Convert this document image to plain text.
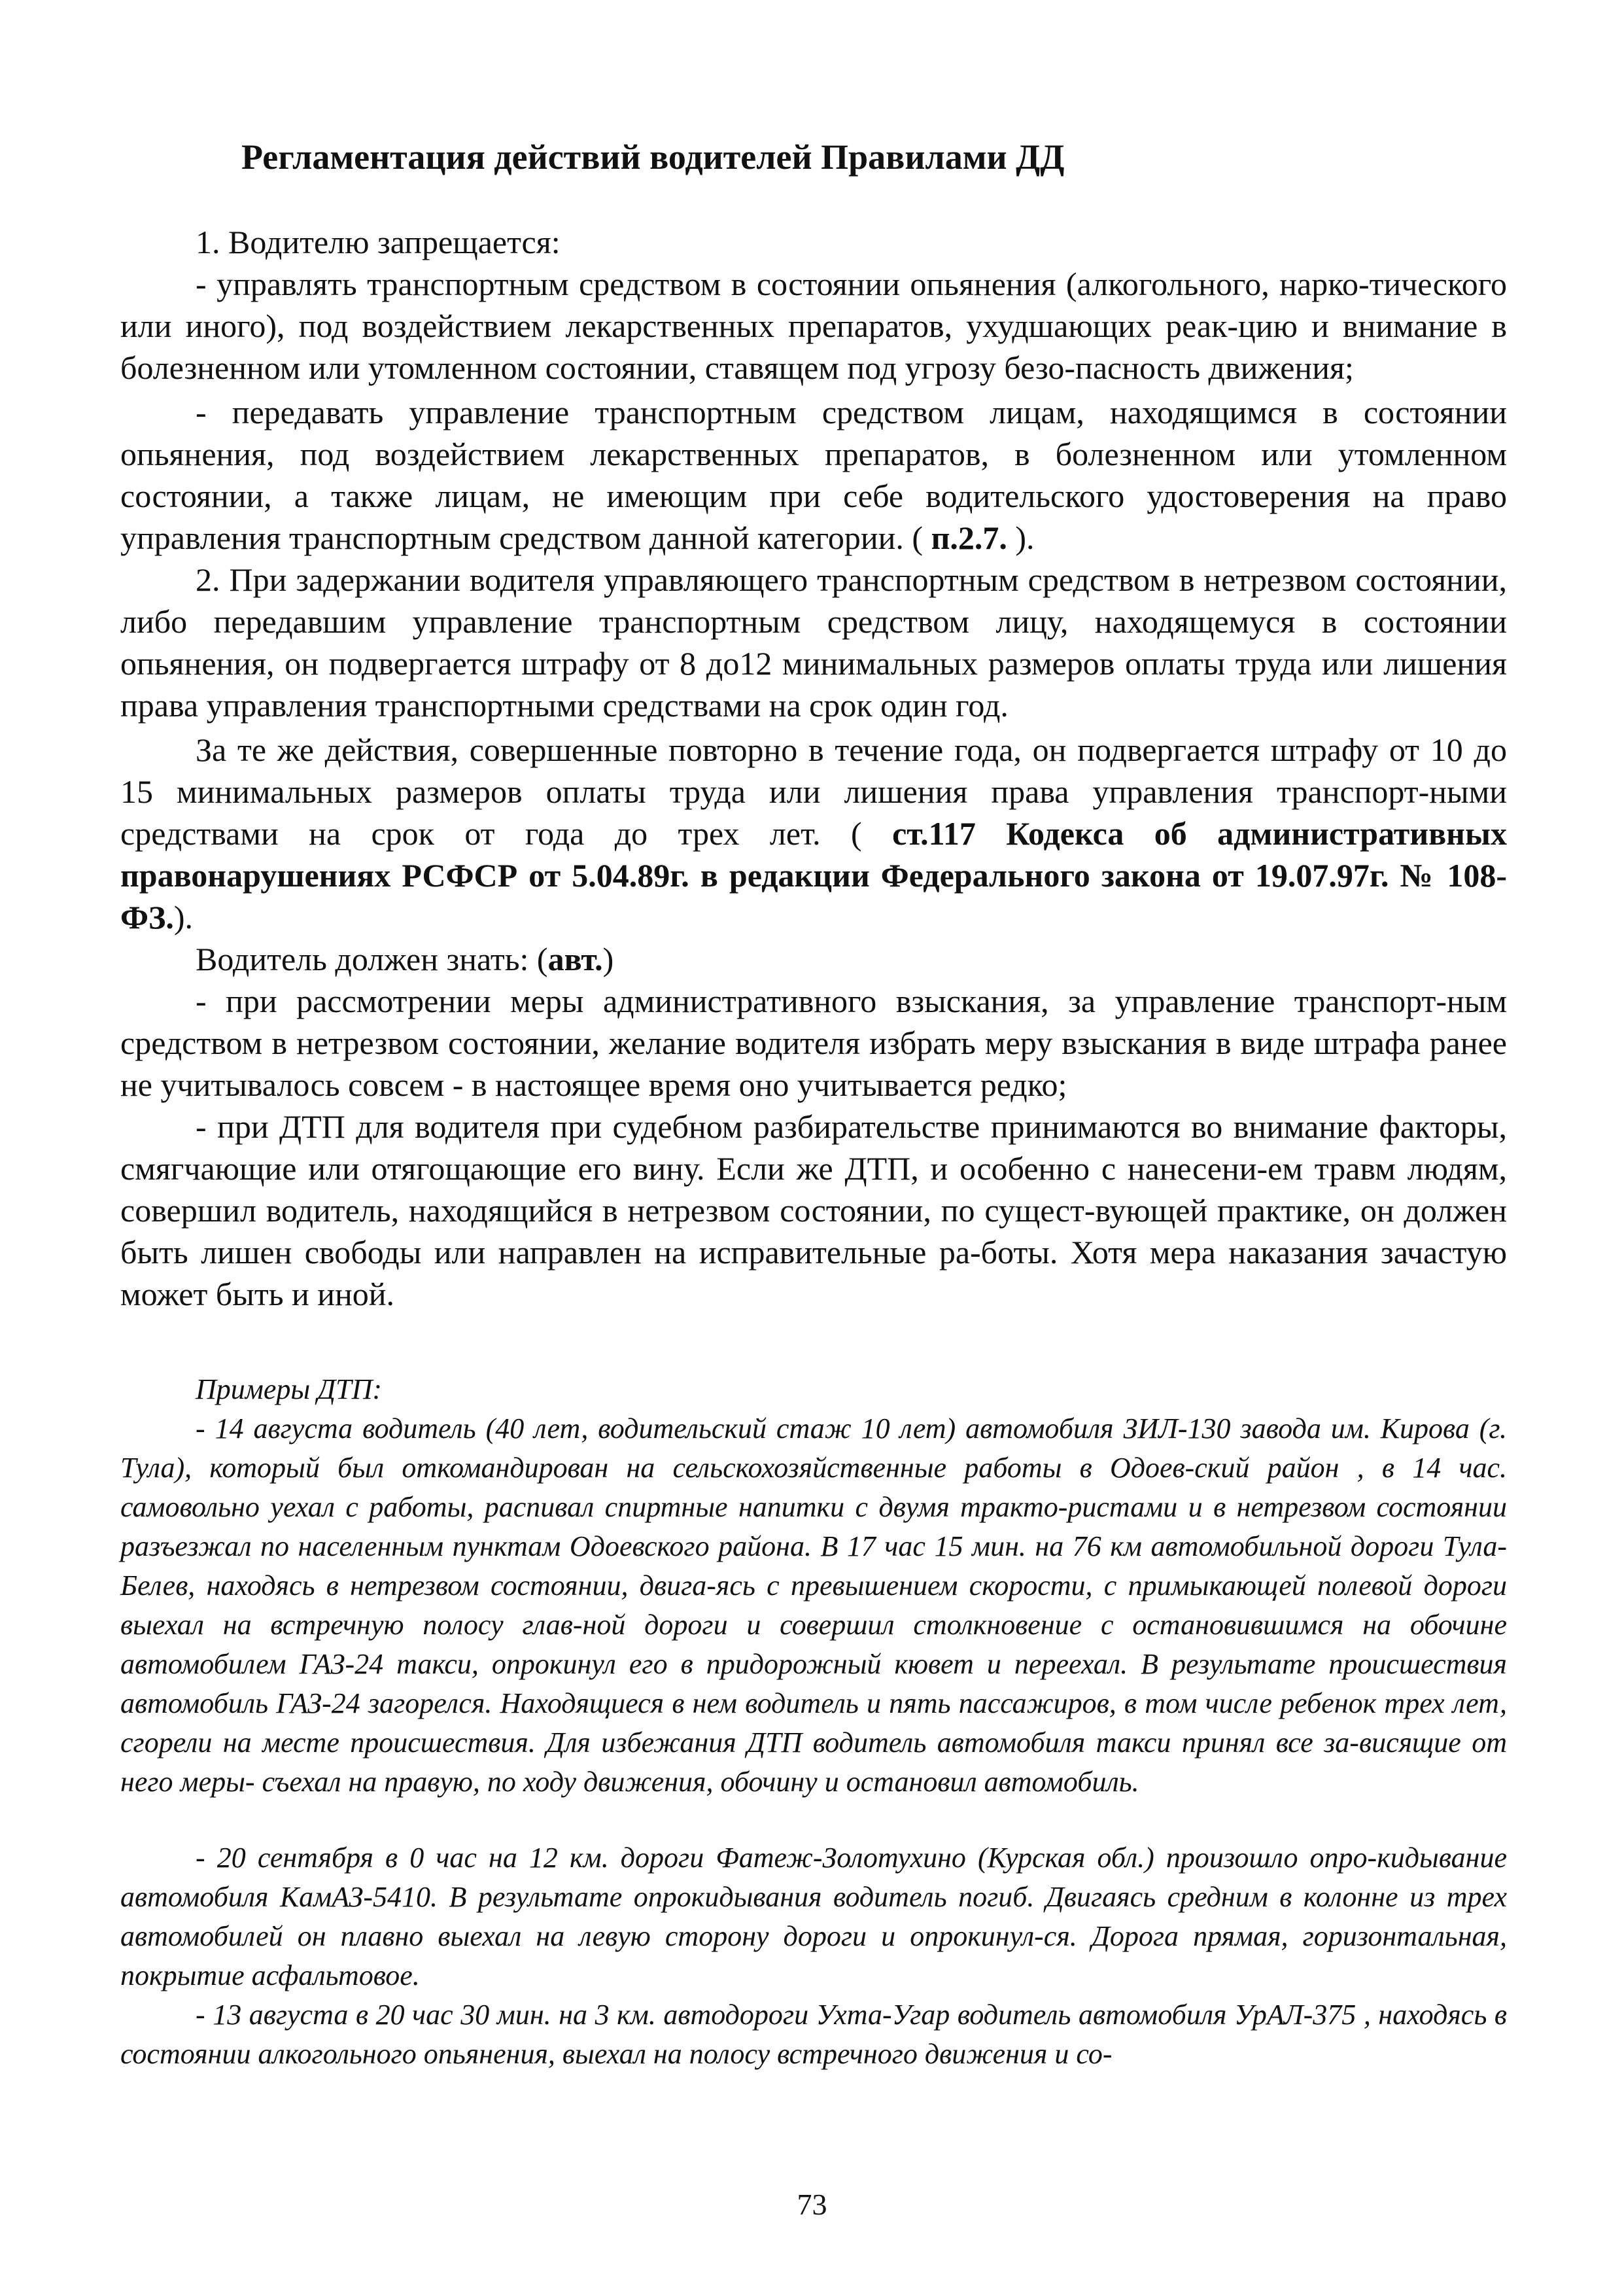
Регламентация действий водителей Правилами ДД

1. Водителю запрещается:

- управлять транспортным средством в состоянии опьянения (алкогольного, нарко-тического или иного), под воздействием лекарственных препаратов, ухудшающих реак-цию и внимание в болезненном или утомленном состоянии, ставящем под угрозу безо-пасность движения;

- передавать управление транспортным средством лицам, находящимся в состоянии опьянения, под воздействием лекарственных препаратов, в болезненном или утомленном состоянии, а также лицам, не имеющим при себе водительского удостоверения на право управления транспортным средством данной категории. ( п.2.7. ).

2. При задержании водителя управляющего транспортным средством в нетрезвом состоянии, либо передавшим управление транспортным средством лицу, находящемуся в состоянии опьянения, он подвергается штрафу от 8 до12 минимальных размеров оплаты труда или лишения права управления транспортными средствами на срок один год.

За те же действия, совершенные повторно в течение года, он подвергается штрафу от 10 до 15 минимальных размеров оплаты труда или лишения права управления транспорт-ными средствами на срок от года до трех лет. ( ст.117 Кодекса об административных правонарушениях РСФСР от 5.04.89г. в редакции Федерального закона от 19.07.97г. № 108-ФЗ.).

Водитель должен знать: (авт.)

- при рассмотрении меры административного взыскания, за управление транспорт-ным средством в нетрезвом состоянии, желание водителя избрать меру взыскания в виде штрафа ранее не учитывалось совсем - в настоящее время оно учитывается редко;

- при ДТП для водителя при судебном разбирательстве принимаются во внимание факторы, смягчающие или отягощающие его вину. Если же ДТП, и особенно с нанесени-ем травм людям, совершил водитель, находящийся в нетрезвом состоянии, по сущест-вующей практике, он должен быть лишен свободы или направлен на исправительные ра-боты. Хотя мера наказания зачастую может быть и иной.

Примеры ДТП:

- 14 августа водитель (40 лет, водительский стаж 10 лет) автомобиля ЗИЛ-130 завода им. Кирова (г. Тула), который был откомандирован на сельскохозяйственные работы в Одоев-ский район , в 14 час. самовольно уехал с работы, распивал спиртные напитки с двумя тракто-ристами и в нетрезвом состоянии разъезжал по населенным пунктам Одоевского района. В 17 час 15 мин. на 76 км автомобильной дороги Тула-Белев, находясь в нетрезвом состоянии, двига-ясь с превышением скорости, с примыкающей полевой дороги выехал на встречную полосу глав-ной дороги и совершил столкновение с остановившимся на обочине автомобилем ГАЗ-24 такси, опрокинул его в придорожный кювет и переехал. В результате происшествия автомобиль ГАЗ-24 загорелся. Находящиеся в нем водитель и пять пассажиров, в том числе ребенок трех лет, сгорели на месте происшествия. Для избежания ДТП водитель автомобиля такси принял все за-висящие от него меры- съехал на правую, по ходу движения, обочину и остановил автомобиль.

- 20 сентября в 0 час на 12 км. дороги Фатеж-Золотухино (Курская обл.) произошло опро-кидывание автомобиля КамАЗ-5410. В результате опрокидывания водитель погиб. Двигаясь средним в колонне из трех автомобилей он плавно выехал на левую сторону дороги и опрокинул-ся. Дорога прямая, горизонтальная, покрытие асфальтовое.

- 13 августа в 20 час 30 мин. на 3 км. автодороги Ухта-Угар водитель автомобиля УрАЛ-375 , находясь в состоянии алкогольного опьянения, выехал на полосу встречного движения и со-

73
